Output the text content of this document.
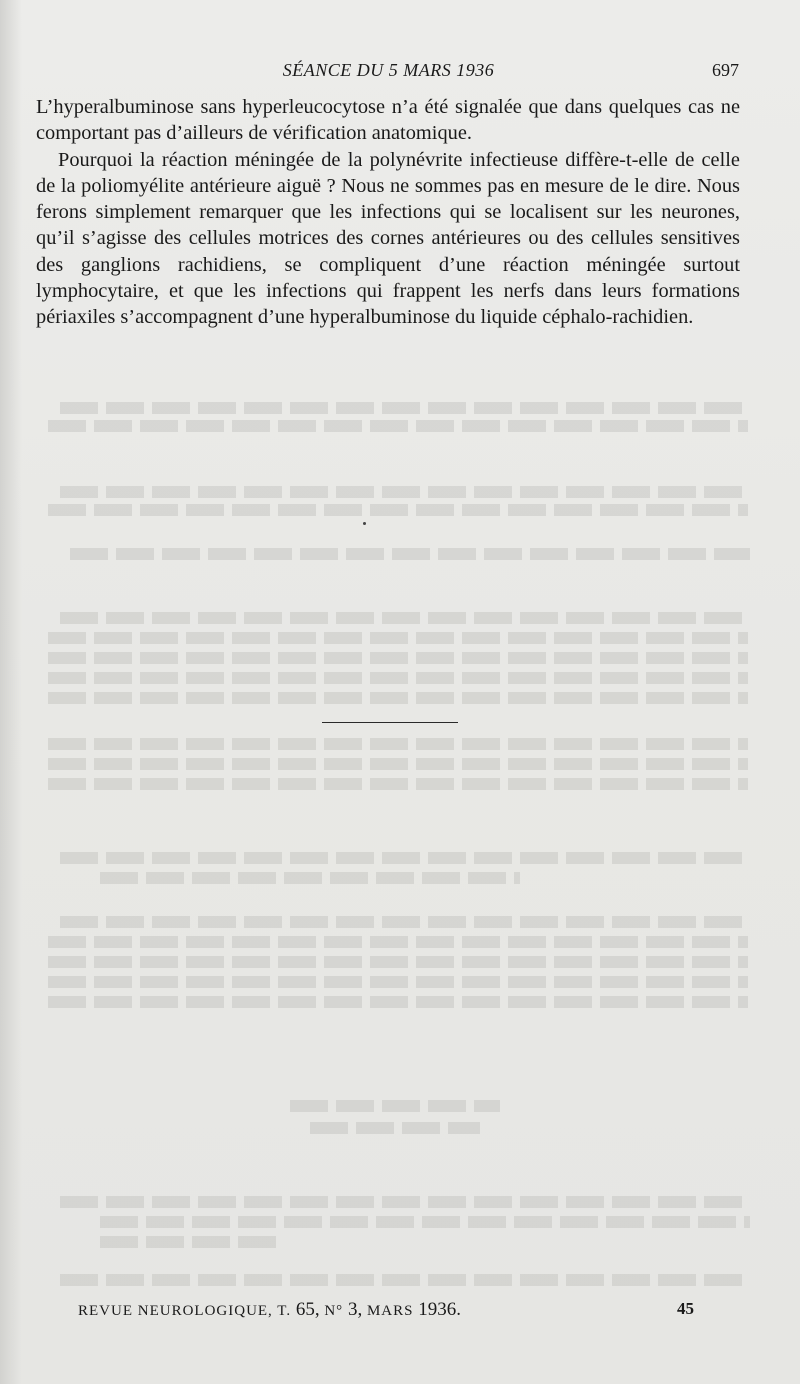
SÉANCE DU 5 MARS 1936	697

L’hyperalbuminose sans hyperleucocytose n’a été signalée que dans quelques cas ne comportant pas d’ailleurs de vérification anatomique.

Pourquoi la réaction méningée de la polynévrite infectieuse diffère-t-elle de celle de la poliomyélite antérieure aiguë ? Nous ne sommes pas en mesure de le dire. Nous ferons simplement remarquer que les infections qui se localisent sur les neurones, qu’il s’agisse des cellules motrices des cornes antérieures ou des cellules sensitives des ganglions rachidiens, se compliquent d’une réaction méningée surtout lymphocytaire, et que les infections qui frappent les nerfs dans leurs formations périaxiles s’accompagnent d’une hyperalbuminose du liquide céphalo-rachidien.

REVUE NEUROLOGIQUE, T. 65, N° 3, MARS 1936.	45
